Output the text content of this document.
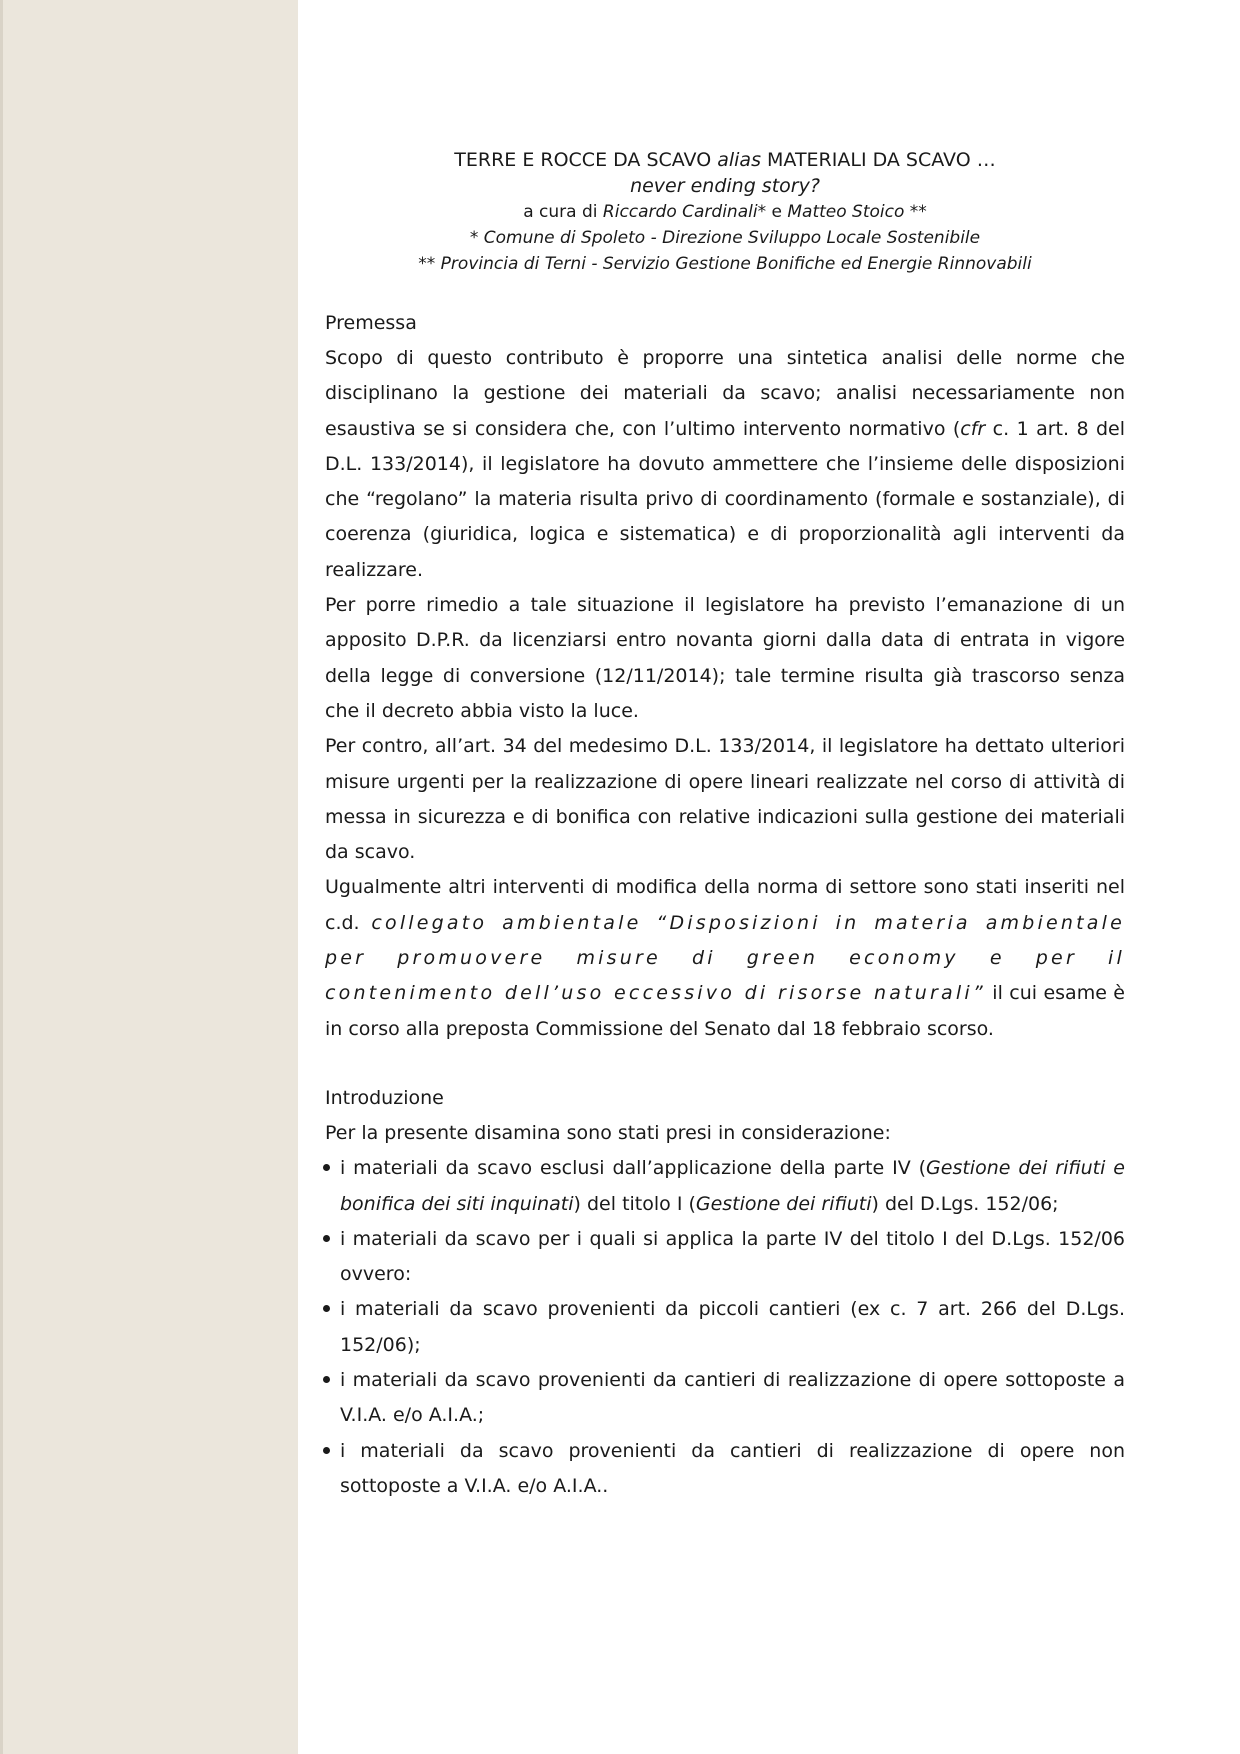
TERRE E ROCCE DA SCAVO alias MATERIALI DA SCAVO …
never ending story?
a cura di Riccardo Cardinali* e Matteo Stoico **
* Comune di Spoleto - Direzione Sviluppo Locale Sostenibile
** Provincia di Terni - Servizio Gestione Bonifiche ed Energie Rinnovabili
Premessa

Scopo di questo contributo è proporre una sintetica analisi delle norme che disciplinano la gestione dei materiali da scavo; analisi necessariamente non esaustiva se si considera che, con l’ultimo intervento normativo (cfr c. 1 art. 8 del D.L. 133/2014), il legislatore ha dovuto ammettere che l’insieme delle disposizioni che “regolano” la materia risulta privo di coordinamento (formale e sostanziale), di coerenza (giuridica, logica e sistematica) e di proporzionalità agli interventi da realizzare.

Per porre rimedio a tale situazione il legislatore ha previsto l’emanazione di un apposito D.P.R. da licenziarsi entro novanta giorni dalla data di entrata in vigore della legge di conversione (12/11/2014); tale termine risulta già trascorso senza che il decreto abbia visto la luce.

Per contro, all’art. 34 del medesimo D.L. 133/2014, il legislatore ha dettato ulteriori misure urgenti per la realizzazione di opere lineari realizzate nel corso di attività di messa in sicurezza e di bonifica con relative indicazioni sulla gestione dei materiali da scavo.

Ugualmente altri interventi di modifica della norma di settore sono stati inseriti nel c.d. collegato ambientale “Disposizioni in materia ambientale per promuovere misure di green economy e per il contenimento dell’uso eccessivo di risorse naturali” il cui esame è in corso alla preposta Commissione del Senato dal 18 febbraio scorso.

Introduzione

Per la presente disamina sono stati presi in considerazione:

i materiali da scavo esclusi dall’applicazione della parte IV (Gestione dei rifiuti e bonifica dei siti inquinati) del titolo I (Gestione dei rifiuti) del D.Lgs. 152/06;
i materiali da scavo per i quali si applica la parte IV del titolo I del D.Lgs. 152/06 ovvero:
i materiali da scavo provenienti da piccoli cantieri (ex c. 7 art. 266 del D.Lgs. 152/06);
i materiali da scavo provenienti da cantieri di realizzazione di opere sottoposte a V.I.A. e/o A.I.A.;
i materiali da scavo provenienti da cantieri di realizzazione di opere non sottoposte a V.I.A. e/o A.I.A..
